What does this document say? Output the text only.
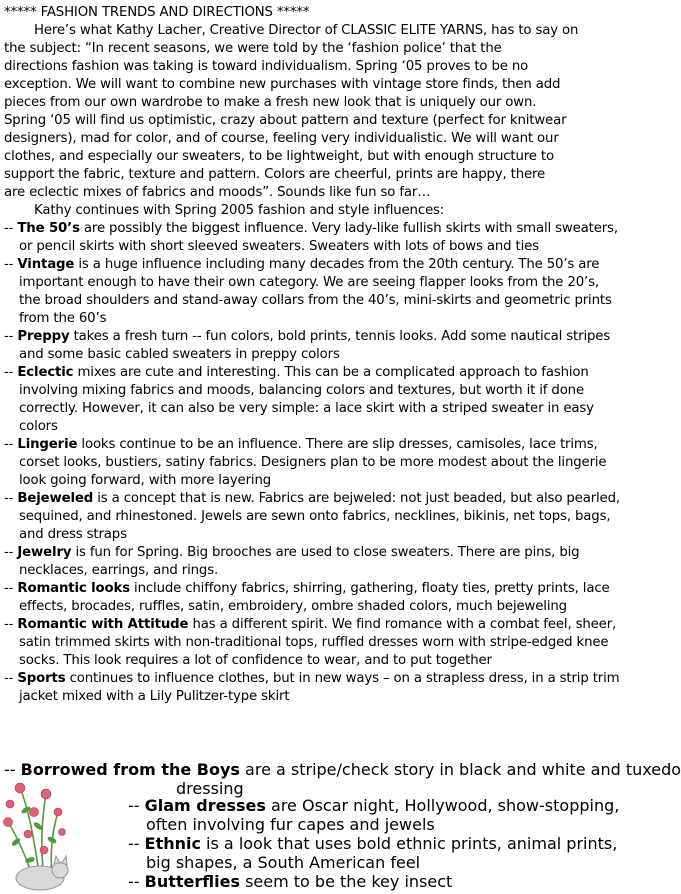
***** FASHION TRENDS AND DIRECTIONS *****
Here’s what Kathy Lacher, Creative Director of CLASSIC ELITE YARNS, has to say on
the subject: “In recent seasons, we were told by the ‘fashion police’ that the
directions fashion was taking is toward individualism. Spring ‘05 proves to be no
exception. We will want to combine new purchases with vintage store finds, then add
pieces from our own wardrobe to make a fresh new look that is uniquely our own.
Spring ‘05 will find us optimistic, crazy about pattern and texture (perfect for knitwear
designers), mad for color, and of course, feeling very individualistic. We will want our
clothes, and especially our sweaters, to be lightweight, but with enough structure to
support the fabric, texture and pattern. Colors are cheerful, prints are happy, there
are eclectic mixes of fabrics and moods”. Sounds like fun so far…
Kathy continues with Spring 2005 fashion and style influences:
-- The 50’s are possibly the biggest influence. Very lady-like fullish skirts with small sweaters, or pencil skirts with short sleeved sweaters. Sweaters with lots of bows and ties
-- Vintage is a huge influence including many decades from the 20th century. The 50’s are important enough to have their own category. We are seeing flapper looks from the 20’s, the broad shoulders and stand-away collars from the 40’s, mini-skirts and geometric prints from the 60’s
-- Preppy takes a fresh turn -- fun colors, bold prints, tennis looks. Add some nautical stripes and some basic cabled sweaters in preppy colors
-- Eclectic mixes are cute and interesting. This can be a complicated approach to fashion involving mixing fabrics and moods, balancing colors and textures, but worth it if done correctly. However, it can also be very simple: a lace skirt with a striped sweater in easy colors
-- Lingerie looks continue to be an influence. There are slip dresses, camisoles, lace trims, corset looks, bustiers, satiny fabrics. Designers plan to be more modest about the lingerie look going forward, with more layering
-- Bejeweled is a concept that is new. Fabrics are bejweled: not just beaded, but also pearled, sequined, and rhinestoned. Jewels are sewn onto fabrics, necklines, bikinis, net tops, bags, and dress straps
-- Jewelry is fun for Spring. Big brooches are used to close sweaters. There are pins, big necklaces, earrings, and rings.
-- Romantic looks include chiffony fabrics, shirring, gathering, floaty ties, pretty prints, lace effects, brocades, ruffles, satin, embroidery, ombre shaded colors, much bejeweling
-- Romantic with Attitude has a different spirit. We find romance with a combat feel, sheer, satin trimmed skirts with non-traditional tops, ruffled dresses worn with stripe-edged knee socks. This look requires a lot of confidence to wear, and to put together
-- Sports continues to influence clothes, but in new ways – on a strapless dress, in a strip trim jacket mixed with a Lily Pulitzer-type skirt
-- Borrowed from the Boys are a stripe/check story in black and white and tuxedo
dressing
-- Glam dresses are Oscar night, Hollywood, show-stopping, often involving fur capes and jewels
-- Ethnic is a look that uses bold ethnic prints, animal prints, big shapes, a South American feel
-- Butterflies seem to be the key insect
